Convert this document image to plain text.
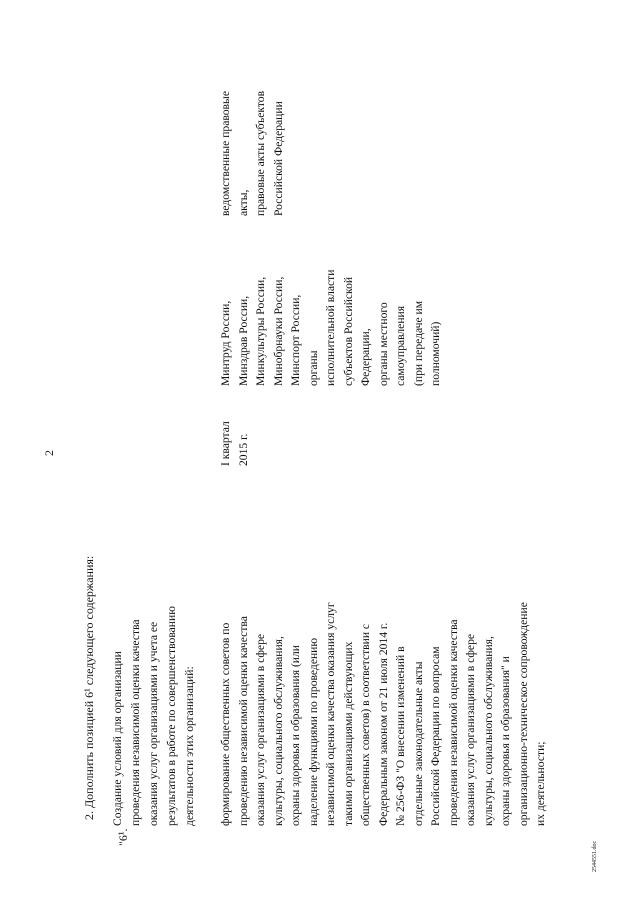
2
2. Дополнить позицией 6¹ следующего содержания:
"6¹.
Создание условий для организации проведения независимой оценки качества оказания услуг организациями и учета ее результатов в работе по совершенствованию деятельности этих организаций: формирование общественных советов по проведению независимой оценки качества оказания услуг организациями в сфере культуры, социального обслуживания, охраны здоровья и образования (или наделение функциями по проведению независимой оценки качества оказания услуг такими организациями действующих общественных советов) в соответствии с Федеральным законом от 21 июля 2014 г. № 256-ФЗ "О внесении изменений в отдельные законодательные акты Российской Федерации по вопросам проведения независимой оценки качества оказания услуг организациями в сфере культуры, социального обслуживания, охраны здоровья и образования" и организационно-техническое сопровождение их деятельности;
I квартал 2015 г.
Минтруд России, Минздрав России, Минкультуры России, Минобрнауки России, Минспорт России, органы исполнительной власти субъектов Российской Федерации, органы местного самоуправления (при передаче им полномочий)
ведомственные правовые акты, правовые акты субъектов Российской Федерации
2544551.doc
